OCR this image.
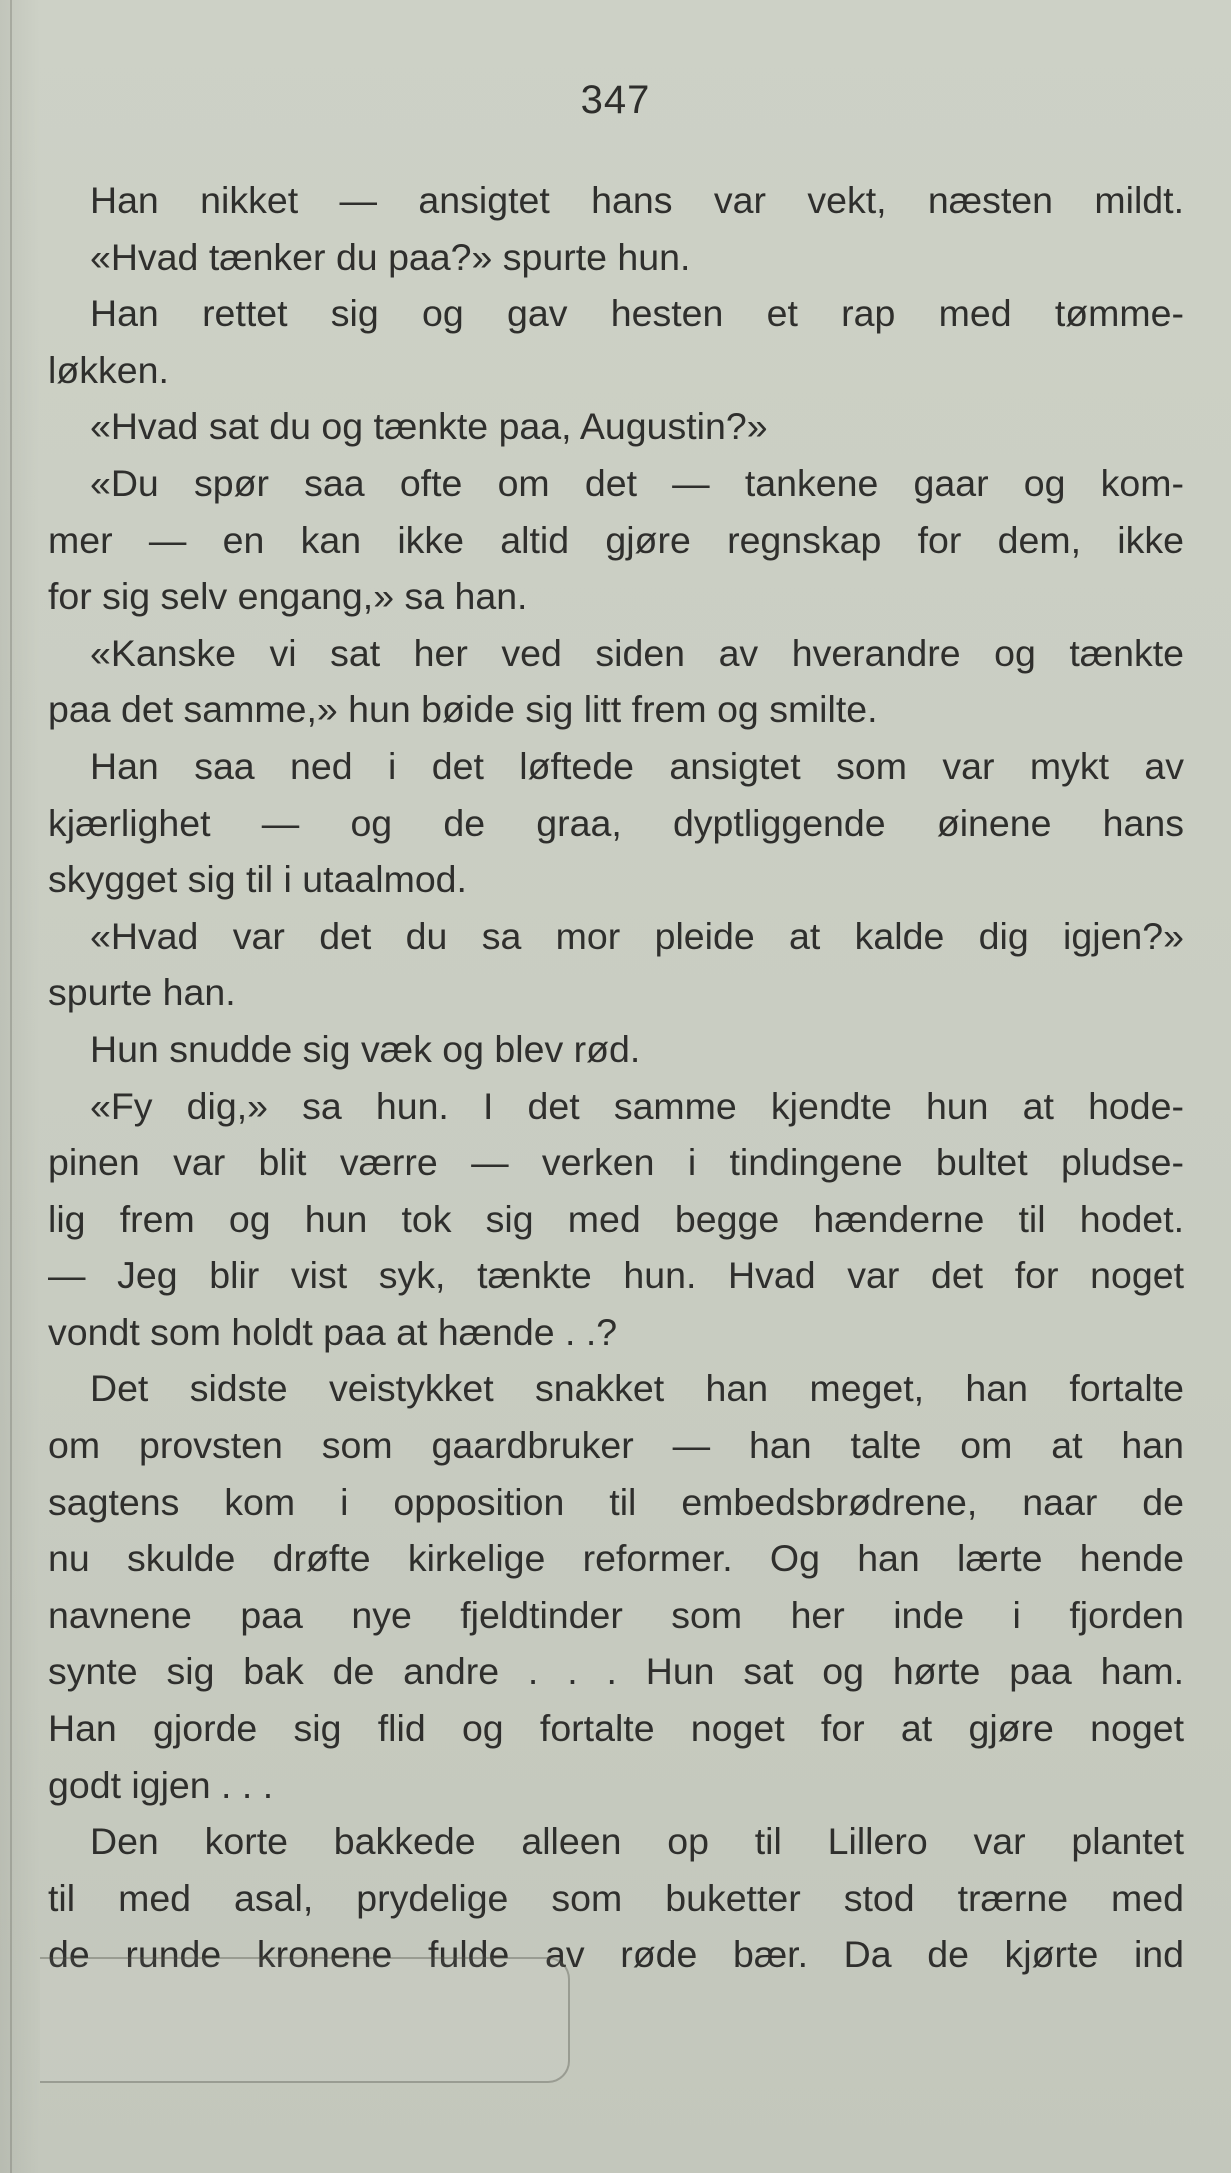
347
Han nikket — ansigtet hans var vekt, næsten mildt.
«Hvad tænker du paa?» spurte hun.
Han rettet sig og gav hesten et rap med tømme-
løkken.
«Hvad sat du og tænkte paa, Augustin?»
«Du spør saa ofte om det — tankene gaar og kom-
mer — en kan ikke altid gjøre regnskap for dem, ikke
for sig selv engang,» sa han.
«Kanske vi sat her ved siden av hverandre og tænkte
paa det samme,» hun bøide sig litt frem og smilte.
Han saa ned i det løftede ansigtet som var mykt av
kjærlighet — og de graa, dyptliggende øinene hans
skygget sig til i utaalmod.
«Hvad var det du sa mor pleide at kalde dig igjen?»
spurte han.
Hun snudde sig væk og blev rød.
«Fy dig,» sa hun. I det samme kjendte hun at hode-
pinen var blit værre — verken i tindingene bultet pludse-
lig frem og hun tok sig med begge hænderne til hodet.
— Jeg blir vist syk, tænkte hun. Hvad var det for noget
vondt som holdt paa at hænde . .?
Det sidste veistykket snakket han meget, han fortalte
om provsten som gaardbruker — han talte om at han
sagtens kom i opposition til embedsbrødrene, naar de
nu skulde drøfte kirkelige reformer. Og han lærte hende
navnene paa nye fjeldtinder som her inde i fjorden
synte sig bak de andre . . . Hun sat og hørte paa ham.
Han gjorde sig flid og fortalte noget for at gjøre noget
godt igjen . . .
Den korte bakkede alleen op til Lillero var plantet
til med asal, prydelige som buketter stod trærne med
de runde kronene fulde av røde bær. Da de kjørte ind
